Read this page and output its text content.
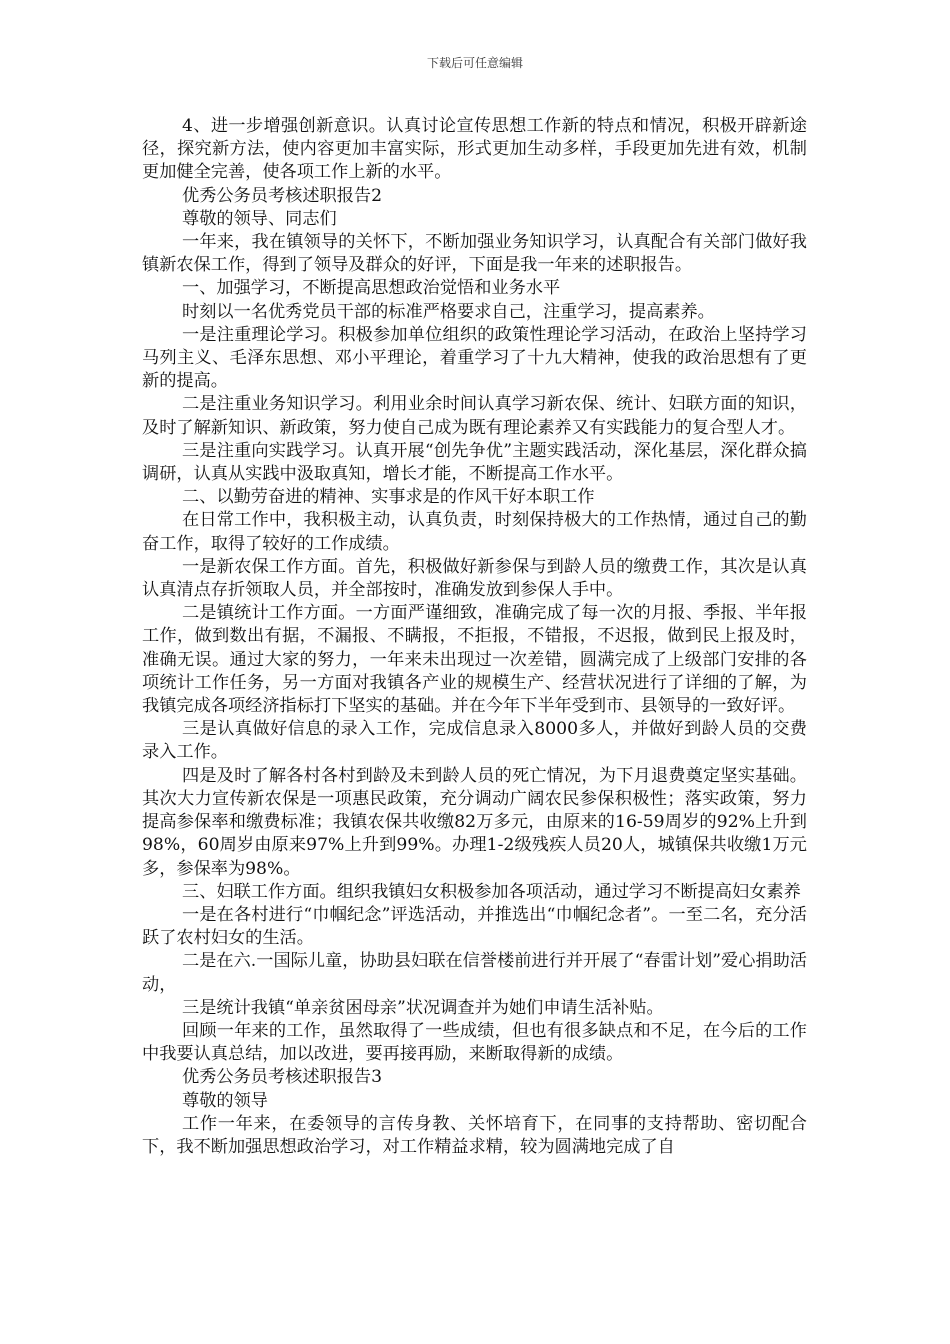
下载后可任意编辑

4、进一步增强创新意识。认真讨论宣传思想工作新的特点和情况，积极开辟新途径，探究新方法，使内容更加丰富实际，形式更加生动多样，手段更加先进有效，机制更加健全完善，使各项工作上新的水平。

优秀公务员考核述职报告2

尊敬的领导、同志们

一年来，我在镇领导的关怀下，不断加强业务知识学习，认真配合有关部门做好我镇新农保工作，得到了领导及群众的好评，下面是我一年来的述职报告。

一、加强学习，不断提高思想政治觉悟和业务水平

时刻以一名优秀党员干部的标准严格要求自己，注重学习，提高素养。

一是注重理论学习。积极参加单位组织的政策性理论学习活动，在政治上坚持学习马列主义、毛泽东思想、邓小平理论，着重学习了十九大精神，使我的政治思想有了更新的提高。

二是注重业务知识学习。利用业余时间认真学习新农保、统计、妇联方面的知识，及时了解新知识、新政策，努力使自己成为既有理论素养又有实践能力的复合型人才。

三是注重向实践学习。认真开展“创先争优”主题实践活动，深化基层，深化群众搞调研，认真从实践中汲取真知，增长才能，不断提高工作水平。

二、以勤劳奋进的精神、实事求是的作风干好本职工作

在日常工作中，我积极主动，认真负责，时刻保持极大的工作热情，通过自己的勤奋工作，取得了较好的工作成绩。

一是新农保工作方面。首先，积极做好新参保与到龄人员的缴费工作，其次是认真认真清点存折领取人员，并全部按时，准确发放到参保人手中。

二是镇统计工作方面。一方面严谨细致，准确完成了每一次的月报、季报、半年报工作，做到数出有据，不漏报、不瞒报，不拒报，不错报，不迟报，做到民上报及时，准确无误。通过大家的努力，一年来未出现过一次差错，圆满完成了上级部门安排的各项统计工作任务，另一方面对我镇各产业的规模生产、经营状况进行了详细的了解，为我镇完成各项经济指标打下坚实的基础。并在今年下半年受到市、县领导的一致好评。

三是认真做好信息的录入工作，完成信息录入8000多人，并做好到龄人员的交费录入工作。

四是及时了解各村各村到龄及未到龄人员的死亡情况，为下月退费奠定坚实基础。其次大力宣传新农保是一项惠民政策，充分调动广阔农民参保积极性；落实政策，努力提高参保率和缴费标准；我镇农保共收缴82万多元，由原来的16-59周岁的92%上升到98%，60周岁由原来97%上升到99%。办理1-2级残疾人员20人，城镇保共收缴1万元多，参保率为98%。

三、妇联工作方面。组织我镇妇女积极参加各项活动，通过学习不断提高妇女素养

一是在各村进行“巾帼纪念”评选活动，并推选出“巾帼纪念者”。一至二名，充分活跃了农村妇女的生活。

二是在六.一国际儿童，协助县妇联在信誉楼前进行并开展了“春雷计划”爱心捐助活动，

三是统计我镇“单亲贫困母亲”状况调查并为她们申请生活补贴。

回顾一年来的工作，虽然取得了一些成绩，但也有很多缺点和不足，在今后的工作中我要认真总结，加以改进，要再接再励，来断取得新的成绩。

优秀公务员考核述职报告3

尊敬的领导

工作一年来，在委领导的言传身教、关怀培育下，在同事的支持帮助、密切配合下，我不断加强思想政治学习，对工作精益求精，较为圆满地完成了自
